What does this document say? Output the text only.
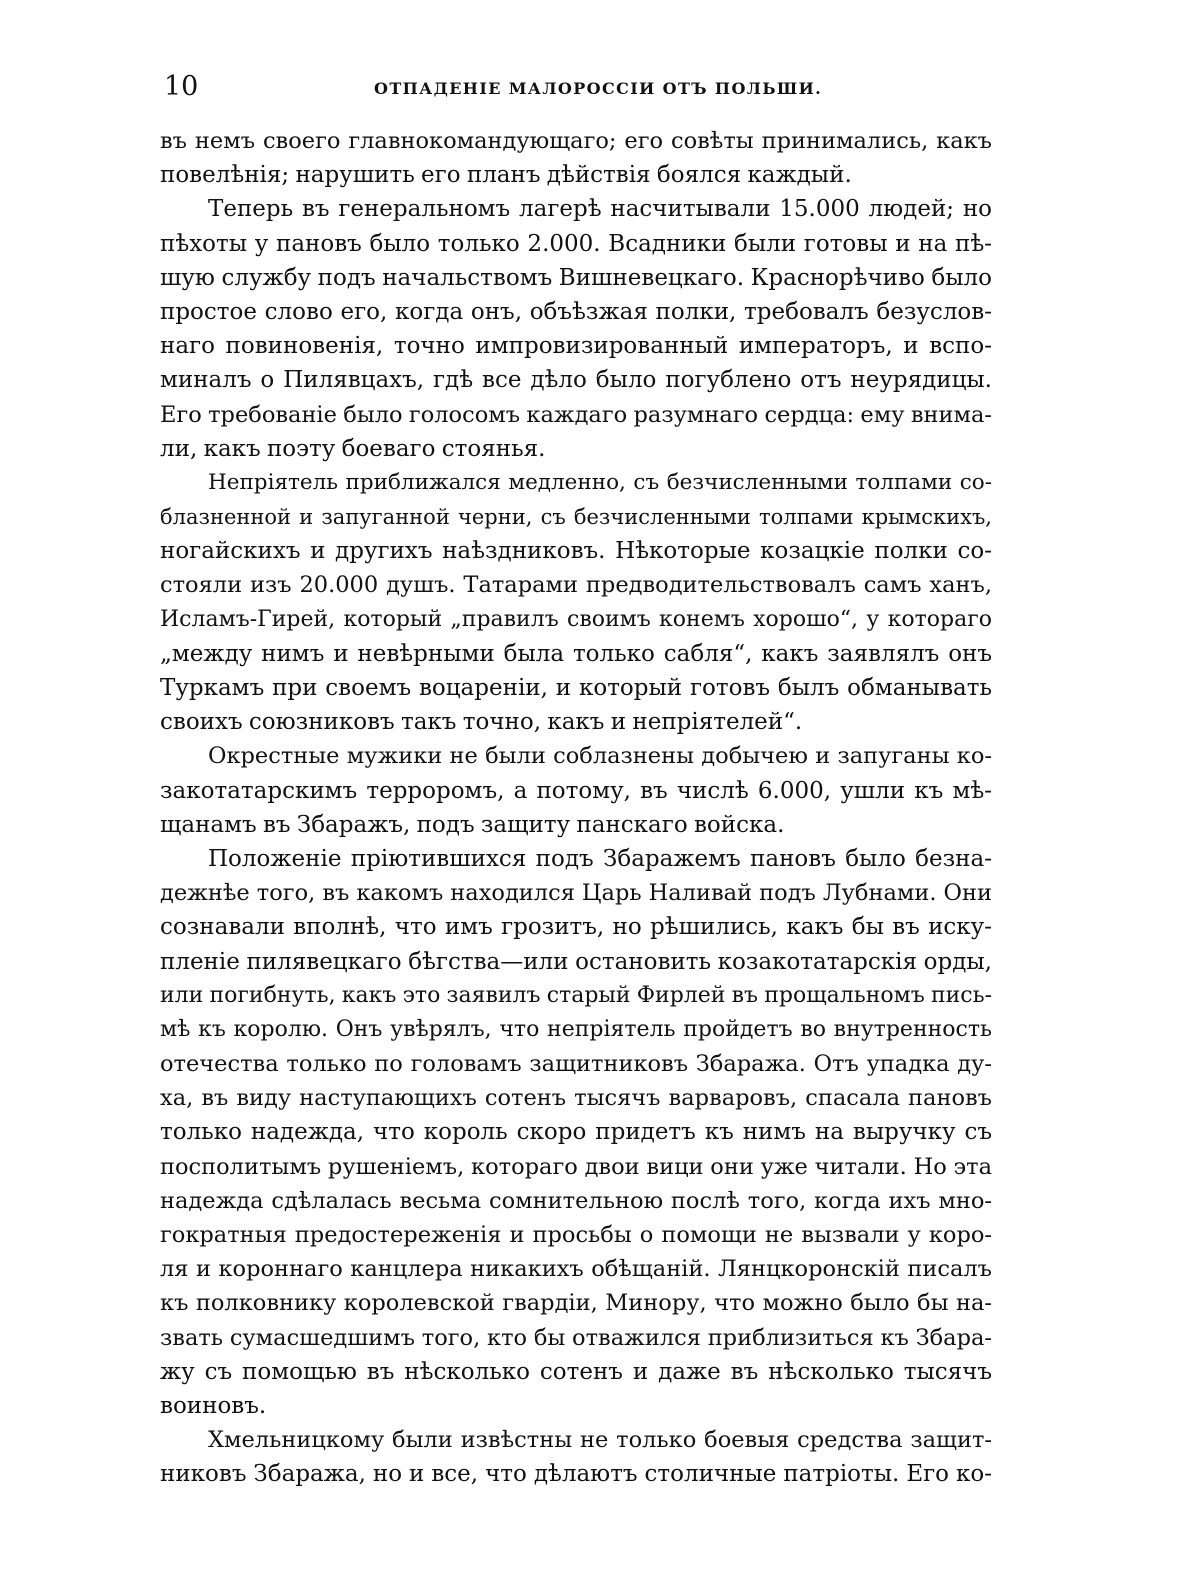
10	ОТПАДЕНІЕ МАЛОРОССІИ ОТЪ ПОЛЬШИ.
въ немъ своего главнокомандующаго; его совѣты принимались, какъ
повелѣнія; нарушить его планъ дѣйствія боялся каждый.
Теперь въ генеральномъ лагерѣ насчитывали 15.000 людей; но
пѣхоты у пановъ было только 2.000. Всадники были готовы и на пѣ-
шую службу подъ начальствомъ Вишневецкаго. Краснорѣчиво было
простое слово его, когда онъ, объѣзжая полки, требовалъ безуслов-
наго повиновенія, точно импровизированный императоръ, и вспо-
миналъ о Пилявцахъ, гдѣ все дѣло было погублено отъ неурядицы.
Его требованіе было голосомъ каждаго разумнаго сердца: ему внима-
ли, какъ поэту боеваго стоянья.
Непріятель приближался медленно, съ безчисленными толпами со-
блазненной и запуганной черни, съ безчисленными толпами крымскихъ,
ногайскихъ и другихъ наѣздниковъ. Нѣкоторые козацкіе полки со-
стояли изъ 20.000 душъ. Татарами предводительствовалъ самъ ханъ,
Исламъ-Гирей, который „правилъ своимъ конемъ хорошо“, у котораго
„между нимъ и невѣрными была только сабля“, какъ заявлялъ онъ
Туркамъ при своемъ воцареніи, и который готовъ былъ обманывать
своихъ союзниковъ такъ точно, какъ и непріятелей“.
Окрестные мужики не были соблазнены добычею и запуганы ко-
закотатарскимъ терроромъ, а потому, въ числѣ 6.000, ушли къ мѣ-
щанамъ въ Збаражъ, подъ защиту панскаго войска.
Положеніе пріютившихся подъ Збаражемъ пановъ было безна-
дежнѣе того, въ какомъ находился Царь Наливай подъ Лубнами. Они
сознавали вполнѣ, что имъ грозитъ, но рѣшились, какъ бы въ иску-
пленіе пилявецкаго бѣгства—или остановить козакотатарскія орды,
или погибнуть, какъ это заявилъ старый Фирлей въ прощальномъ пись-
мѣ къ королю. Онъ увѣрялъ, что непріятель пройдетъ во внутренность
отечества только по головамъ защитниковъ Збаража. Отъ упадка ду-
ха, въ виду наступающихъ сотенъ тысячъ варваровъ, спасала пановъ
только надежда, что король скоро придетъ къ нимъ на выручку съ
посполитымъ рушеніемъ, котораго двои вици они уже читали. Но эта
надежда сдѣлалась весьма сомнительною послѣ того, когда ихъ мно-
гократныя предостереженія и просьбы о помощи не вызвали у коро-
ля и короннаго канцлера никакихъ обѣщаній. Лянцкоронскій писалъ
къ полковнику королевской гвардіи, Минору, что можно было бы на-
звать сумасшедшимъ того, кто бы отважился приблизиться къ Збара-
жу съ помощью въ нѣсколько сотенъ и даже въ нѣсколько тысячъ
воиновъ.
Хмельницкому были извѣстны не только боевыя средства защит-
никовъ Збаража, но и все, что дѣлаютъ столичные патріоты. Его ко-
